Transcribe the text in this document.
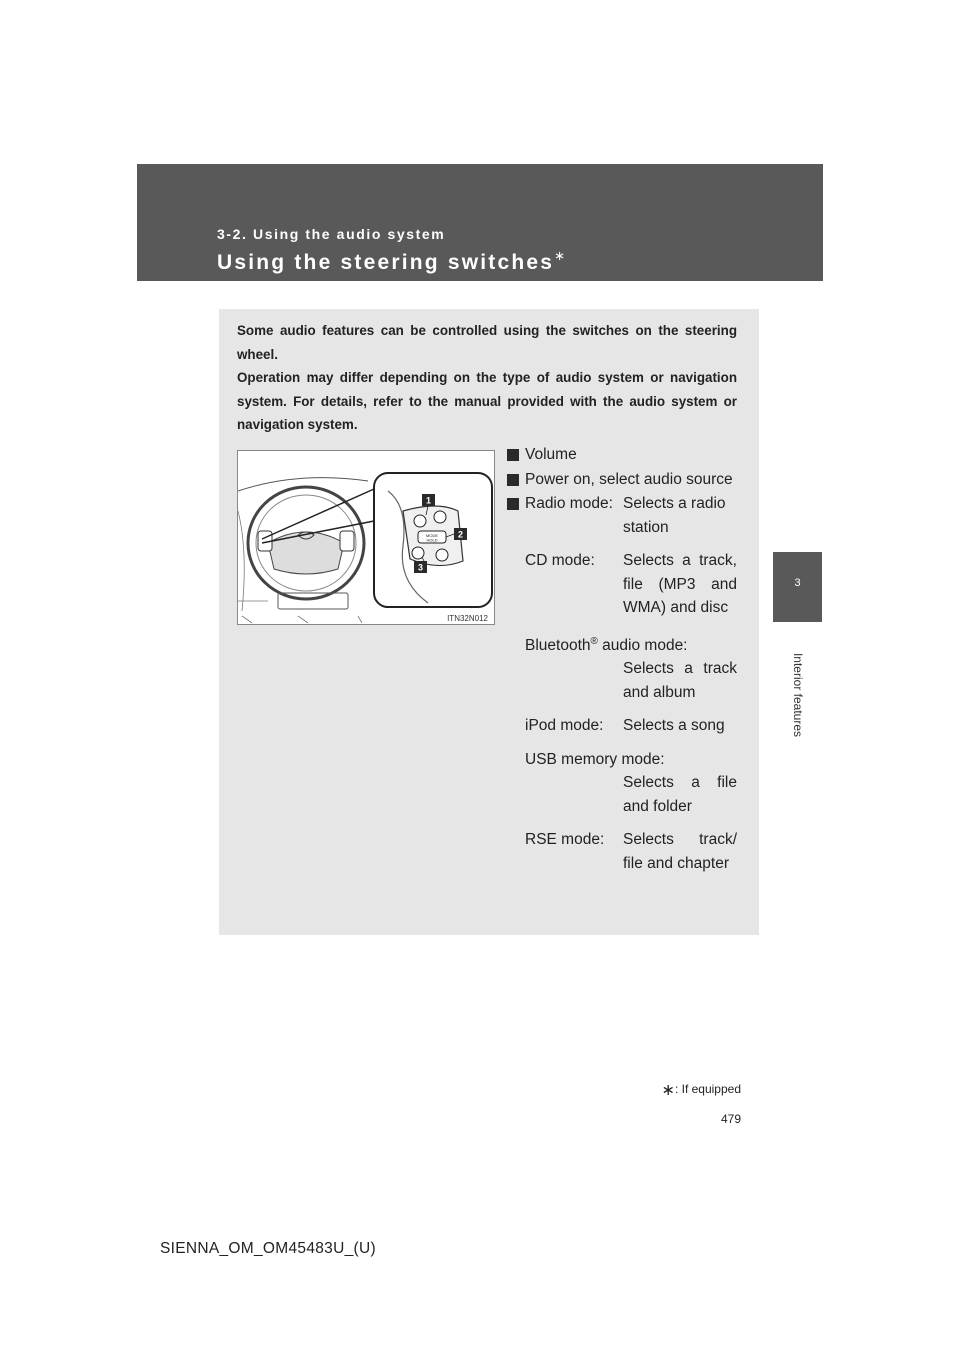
3-2. Using the audio system
Using the steering switches∗
3
Interior features

Some audio features can be controlled using the switches on the steering wheel.

Operation may differ depending on the type of audio system or navigation system. For details, refer to the manual provided with the audio system or navigation system.

MODE
HOLD
1
2
3
ITN32N012
Volume
Power on, select audio source
Radio mode: Selects a radio station
CD mode:	Selects a track, file (MP3 and WMA) and disc
Bluetooth® audio mode:
Selects a track and album
iPod mode:	Selects a song
USB memory mode:
Selects a file and folder
RSE mode:	Selects track/ file and chapter
∗: If equipped
479
SIENNA_OM_OM45483U_(U)
